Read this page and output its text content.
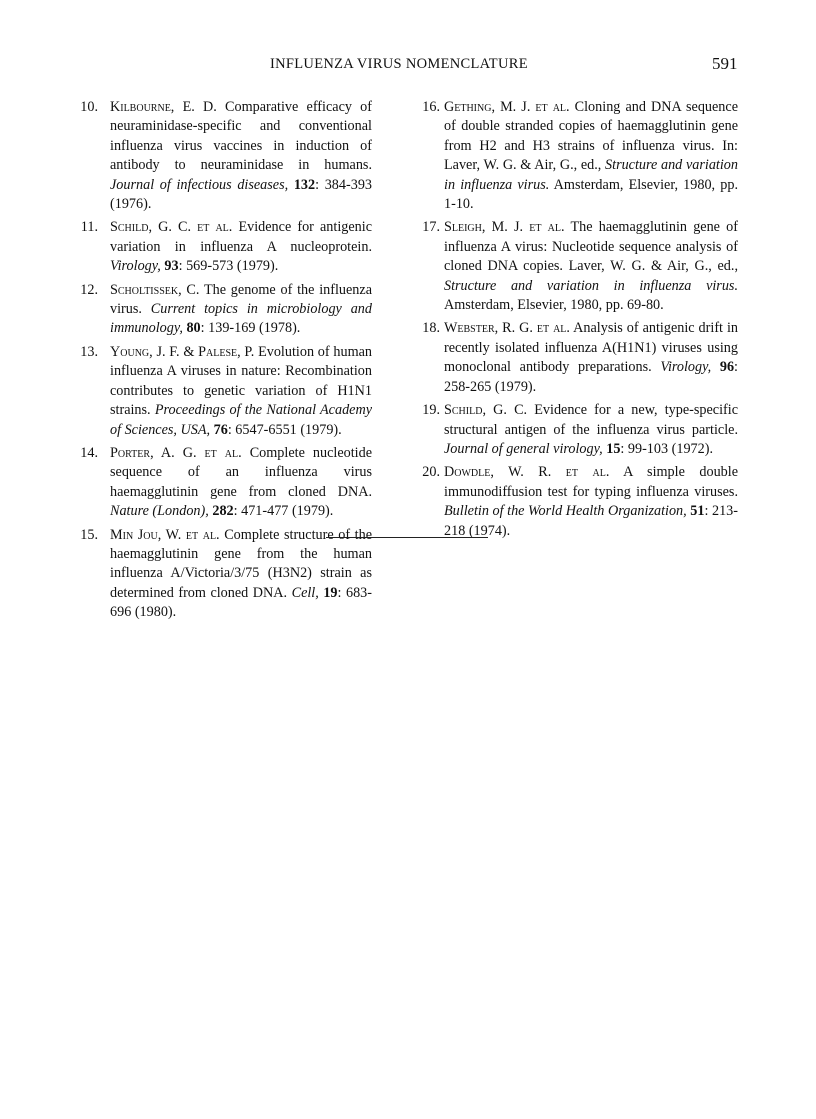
INFLUENZA VIRUS NOMENCLATURE	591
10. Kilbourne, E. D. Comparative efficacy of neuraminidase-specific and conventional influenza virus vaccines in induction of antibody to neuraminidase in humans. Journal of infectious diseases, 132: 384-393 (1976).
11. Schild, G. C. et al. Evidence for antigenic variation in influenza A nucleoprotein. Virology, 93: 569-573 (1979).
12. Scholtissek, C. The genome of the influenza virus. Current topics in microbiology and immunology, 80: 139-169 (1978).
13. Young, J. F. & Palese, P. Evolution of human influenza A viruses in nature: Recombination contributes to genetic variation of H1N1 strains. Proceedings of the National Academy of Sciences, USA, 76: 6547-6551 (1979).
14. Porter, A. G. et al. Complete nucleotide sequence of an influenza virus haemagglutinin gene from cloned DNA. Nature (London), 282: 471-477 (1979).
15. Min Jou, W. et al. Complete structure of the haemagglutinin gene from the human influenza A/Victoria/3/75 (H3N2) strain as determined from cloned DNA. Cell, 19: 683-696 (1980).
16. Gething, M. J. et al. Cloning and DNA sequence of double stranded copies of haemagglutinin gene from H2 and H3 strains of influenza virus. In: Laver, W. G. & Air, G., ed., Structure and variation in influenza virus. Amsterdam, Elsevier, 1980, pp. 1-10.
17. Sleigh, M. J. et al. The haemagglutinin gene of influenza A virus: Nucleotide sequence analysis of cloned DNA copies. Laver, W. G. & Air, G., ed., Structure and variation in influenza virus. Amsterdam, Elsevier, 1980, pp. 69-80.
18. Webster, R. G. et al. Analysis of antigenic drift in recently isolated influenza A(H1N1) viruses using monoclonal antibody preparations. Virology, 96: 258-265 (1979).
19. Schild, G. C. Evidence for a new, type-specific structural antigen of the influenza virus particle. Journal of general virology, 15: 99-103 (1972).
20. Dowdle, W. R. et al. A simple double immunodiffusion test for typing influenza viruses. Bulletin of the World Health Organization, 51: 213-218 (1974).
